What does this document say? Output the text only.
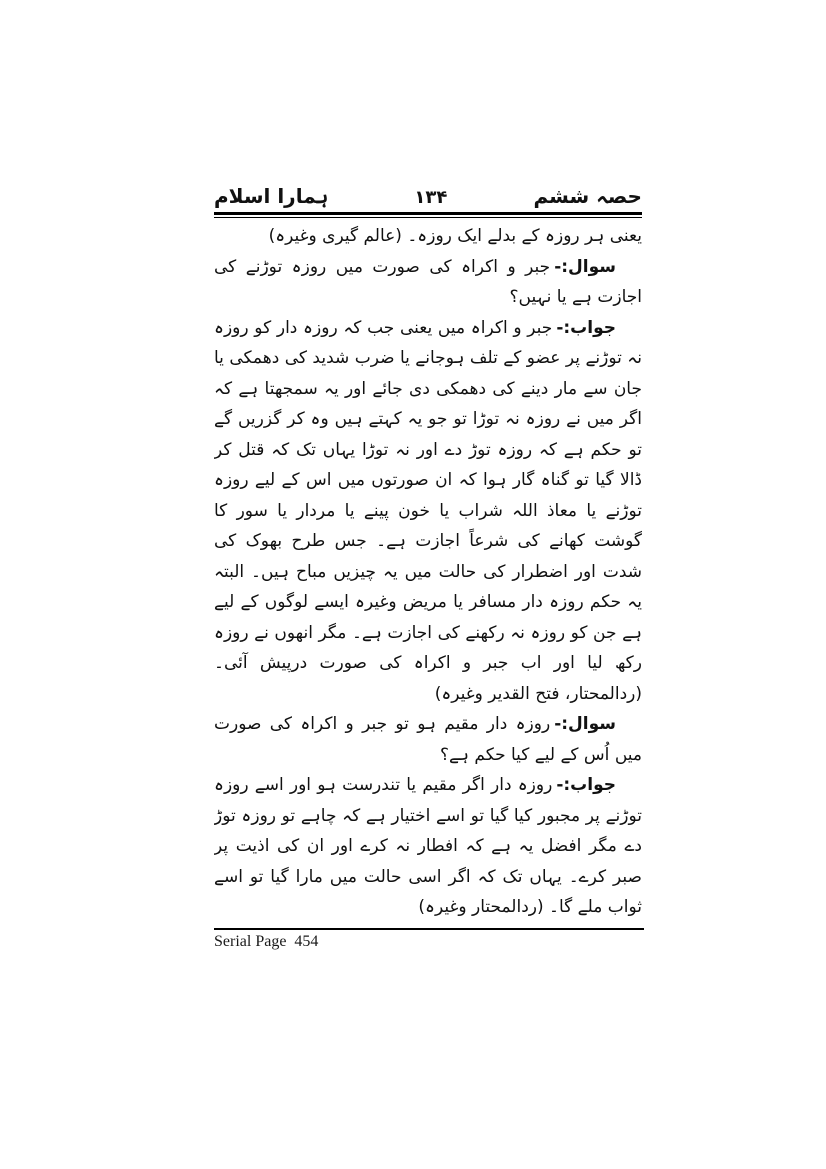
ہمارا اسلام	۱۳۴	حصہ ششم

یعنی ہر روزہ کے بدلے ایک روزہ۔ (عالم گیری وغیرہ)

سوال:-جبر و اکراہ کی صورت میں روزہ توڑنے کی اجازت ہے یا نہیں؟

جواب:-جبر و اکراہ میں یعنی جب کہ روزہ دار کو روزہ نہ توڑنے پر عضو کے تلف ہوجانے یا ضرب شدید کی دھمکی یا جان سے مار دینے کی دھمکی دی جائے اور یہ سمجھتا ہے کہ اگر میں نے روزہ نہ توڑا تو جو یہ کہتے ہیں وہ کر گزریں گے تو حکم ہے کہ روزہ توڑ دے اور نہ توڑا یہاں تک کہ قتل کر ڈالا گیا تو گناہ گار ہوا کہ ان صورتوں میں اس کے لیے روزہ توڑنے یا معاذ اللہ شراب یا خون پینے یا مردار یا سور کا گوشت کھانے کی شرعاً اجازت ہے۔ جس طرح بھوک کی شدت اور اضطرار کی حالت میں یہ چیزیں مباح ہیں۔ البتہ یہ حکم روزہ دار مسافر یا مریض وغیرہ ایسے لوگوں کے لیے ہے جن کو روزہ نہ رکھنے کی اجازت ہے۔ مگر انھوں نے روزہ رکھ لیا اور اب جبر و اکراہ کی صورت درپیش آئی۔ (ردالمحتار، فتح القدیر وغیرہ)

سوال:-روزہ دار مقیم ہو تو جبر و اکراہ کی صورت میں اُس کے لیے کیا حکم ہے؟

جواب:-روزہ دار اگر مقیم یا تندرست ہو اور اسے روزہ توڑنے پر مجبور کیا گیا تو اسے اختیار ہے کہ چاہے تو روزہ توڑ دے مگر افضل یہ ہے کہ افطار نہ کرے اور ان کی اذیت پر صبر کرے۔ یہاں تک کہ اگر اسی حالت میں مارا گیا تو اسے ثواب ملے گا۔ (ردالمحتار وغیرہ)

Serial Page  454
